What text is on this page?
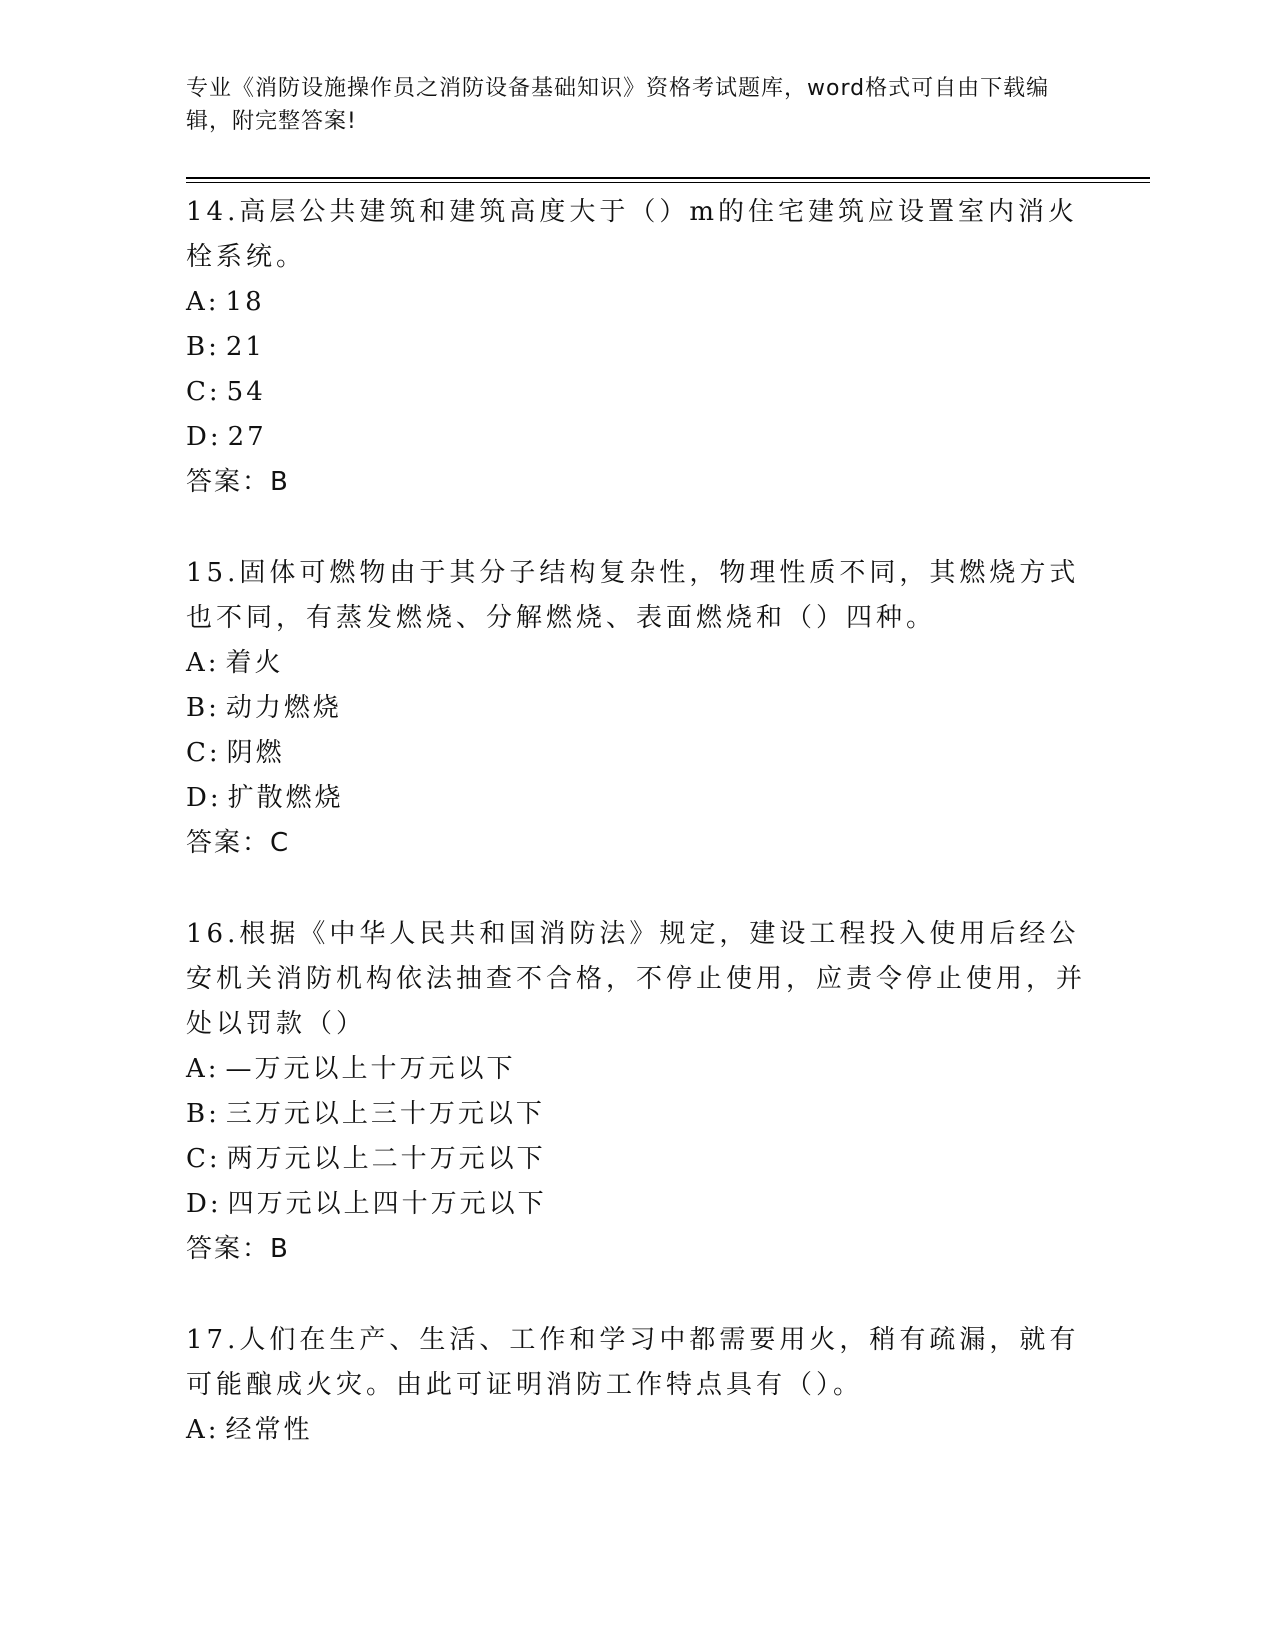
专业《消防设施操作员之消防设备基础知识》资格考试题库，word格式可自由下载编辑，附完整答案!

14.高层公共建筑和建筑高度大于（）m的住宅建筑应设置室内消火栓系统。

A: 18

B: 21

C: 54

D: 27

答案：B

15.固体可燃物由于其分子结构复杂性，物理性质不同，其燃烧方式也不同，有蒸发燃烧、分解燃烧、表面燃烧和（）四种。

A: 着火

B: 动力燃烧

C: 阴燃

D: 扩散燃烧

答案：C

16.根据《中华人民共和国消防法》规定，建设工程投入使用后经公安机关消防机构依法抽查不合格，不停止使用，应责令停止使用，并处以罚款（）

A: —万元以上十万元以下

B: 三万元以上三十万元以下

C: 两万元以上二十万元以下

D: 四万元以上四十万元以下

答案：B

17.人们在生产、生活、工作和学习中都需要用火，稍有疏漏，就有可能酿成火灾。由此可证明消防工作特点具有（）。

A: 经常性
